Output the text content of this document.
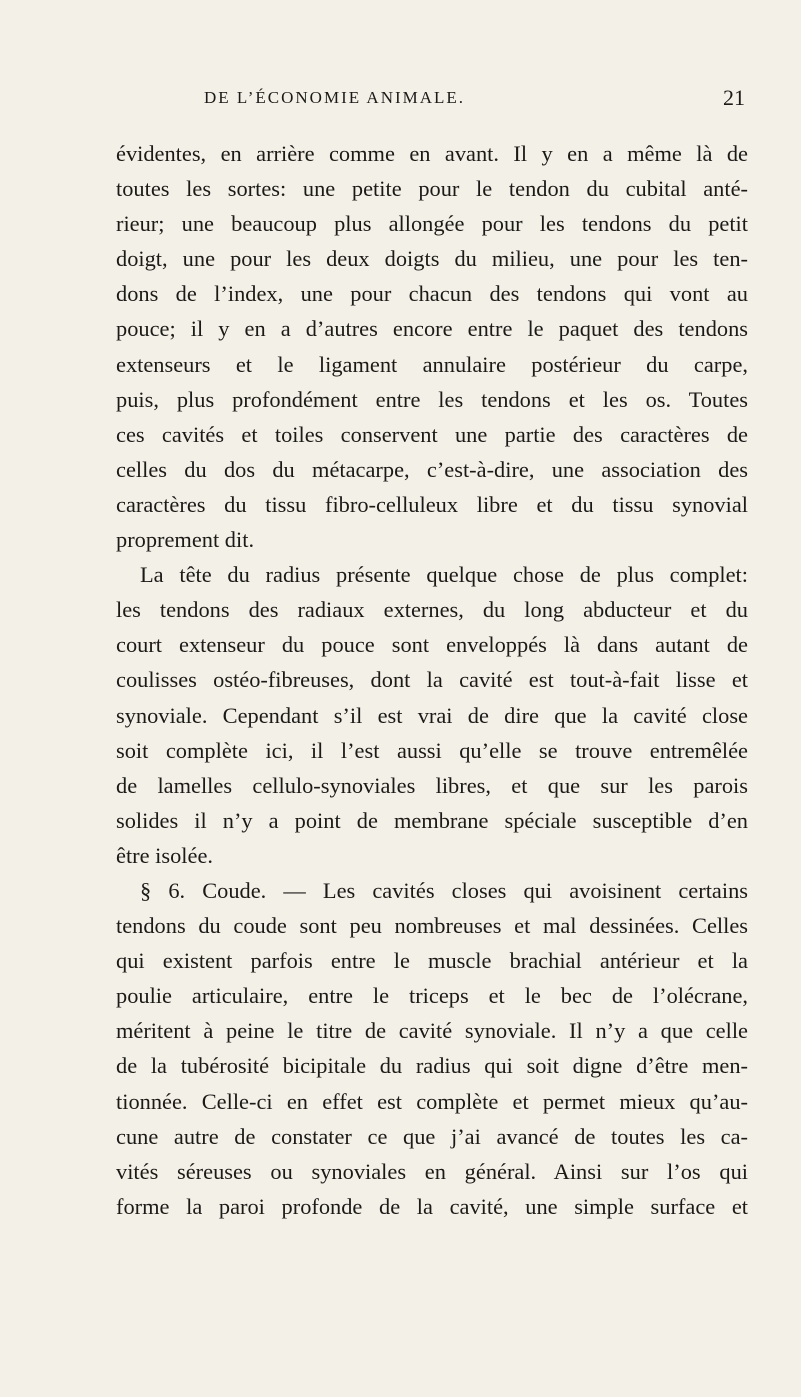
DE L’ÉCONOMIE ANIMALE.	21
évidentes, en arrière comme en avant. Il y en a même là de
toutes les sortes: une petite pour le tendon du cubital anté-
rieur; une beaucoup plus allongée pour les tendons du petit
doigt, une pour les deux doigts du milieu, une pour les ten-
dons de l’index, une pour chacun des tendons qui vont au
pouce; il y en a d’autres encore entre le paquet des tendons
extenseurs et le ligament annulaire postérieur du carpe,
puis, plus profondément entre les tendons et les os. Toutes
ces cavités et toiles conservent une partie des caractères de
celles du dos du métacarpe, c’est-à-dire, une association des
caractères du tissu fibro-celluleux libre et du tissu synovial
proprement dit.
La tête du radius présente quelque chose de plus complet:
les tendons des radiaux externes, du long abducteur et du
court extenseur du pouce sont enveloppés là dans autant de
coulisses ostéo-fibreuses, dont la cavité est tout-à-fait lisse et
synoviale. Cependant s’il est vrai de dire que la cavité close
soit complète ici, il l’est aussi qu’elle se trouve entremêlée
de lamelles cellulo-synoviales libres, et que sur les parois
solides il n’y a point de membrane spéciale susceptible d’en
être isolée.
§ 6. Coude. — Les cavités closes qui avoisinent certains
tendons du coude sont peu nombreuses et mal dessinées. Celles
qui existent parfois entre le muscle brachial antérieur et la
poulie articulaire, entre le triceps et le bec de l’olécrane,
méritent à peine le titre de cavité synoviale. Il n’y a que celle
de la tubérosité bicipitale du radius qui soit digne d’être men-
tionnée. Celle-ci en effet est complète et permet mieux qu’au-
cune autre de constater ce que j’ai avancé de toutes les ca-
vités séreuses ou synoviales en général. Ainsi sur l’os qui
forme la paroi profonde de la cavité, une simple surface et
